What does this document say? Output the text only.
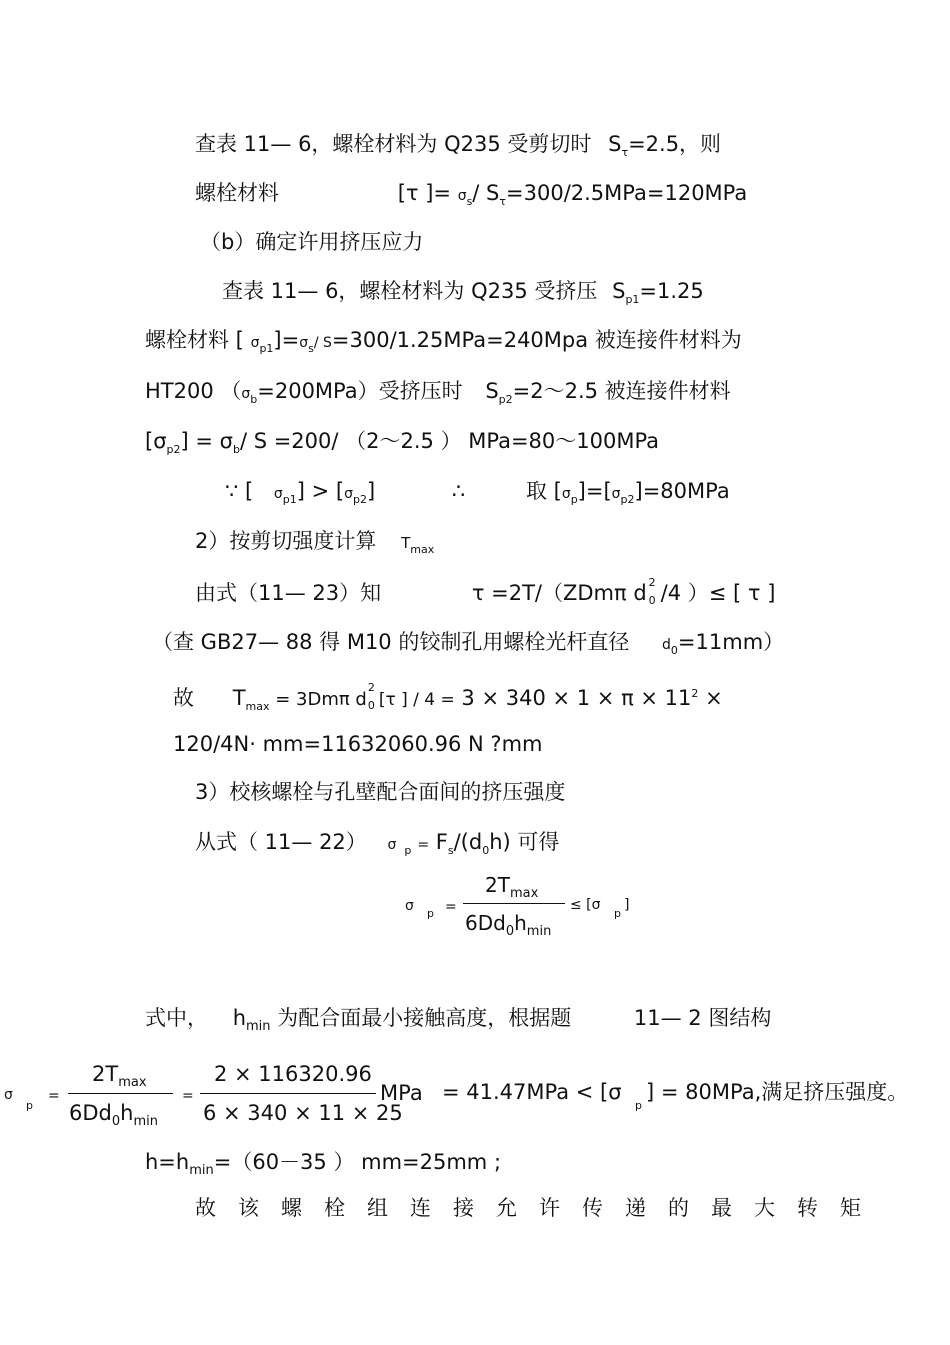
查表 11— 6，螺栓材料为 Q235 受剪切时 $S_\tau=2.5$，则
螺栓材料	[τ ]= $\sigma_s/$ $S_\tau=300/2.5MPa=120MPa$
（b）确定许用挤压应力
查表 11— 6，螺栓材料为 Q235 受挤压 $S_{p1}=1.25$
螺栓材料 [ $\sigma_{p1}]=\sigma_s/$ S=300/1.25MPa=240Mpa 被连接件材料为
HT200 $(\sigma_b=200MPa)$受挤压时 $S_{p2}=2\sim 2.5$ 被连接件材料
$[\sigma_{p2}] = \sigma_b/$ S =200/ （2～2.5 ） MPa=80～100MPa
∵ [ $\sigma_{p1}] > [\sigma_{p2}]$	∴	取 $[\sigma_p]=[\sigma_{p2}]=80MPa$
2）按剪切强度计算 $T_{max}$
由式（11— 23）知	τ =2T/（ZDmπ d 2
0 /4 ）≤ [ τ ]
（查 GB27— 88 得 M10 的铰制孔用螺栓光杆直径 $d_0=11mm$）
故 $T_{max} = 3Dm\pi$ d
2
0 [τ ] / $4 = 3 \times 340 \times 1 \times \pi \times 11^2$ ×
120/4N· mm=11632060.96 N ?mm
3）校核螺栓与孔壁配合面间的挤压强度
从式（ 11— 22） σ $_p = F_s/(d_0h)$ 可得
σ p =
$2T_{max}$
$6Dd_0h_{min}$
≤ [σ
p
]
式中， $h_{min}$ 为配合面最小接触高度，根据题	11— 2 图结构
σ
p
=
$2T_{max}$
$6Dd_0h_{min}$
=
2 × 116320.96
6 × 340 × 11 × 25
MPa = 41.47MPa < [σ
p
] = 80MPa,满足挤压强度。
$h=h_{min}=(60-35$ ） mm=25mm ;
故该螺栓组连接允许传递的最大转矩
